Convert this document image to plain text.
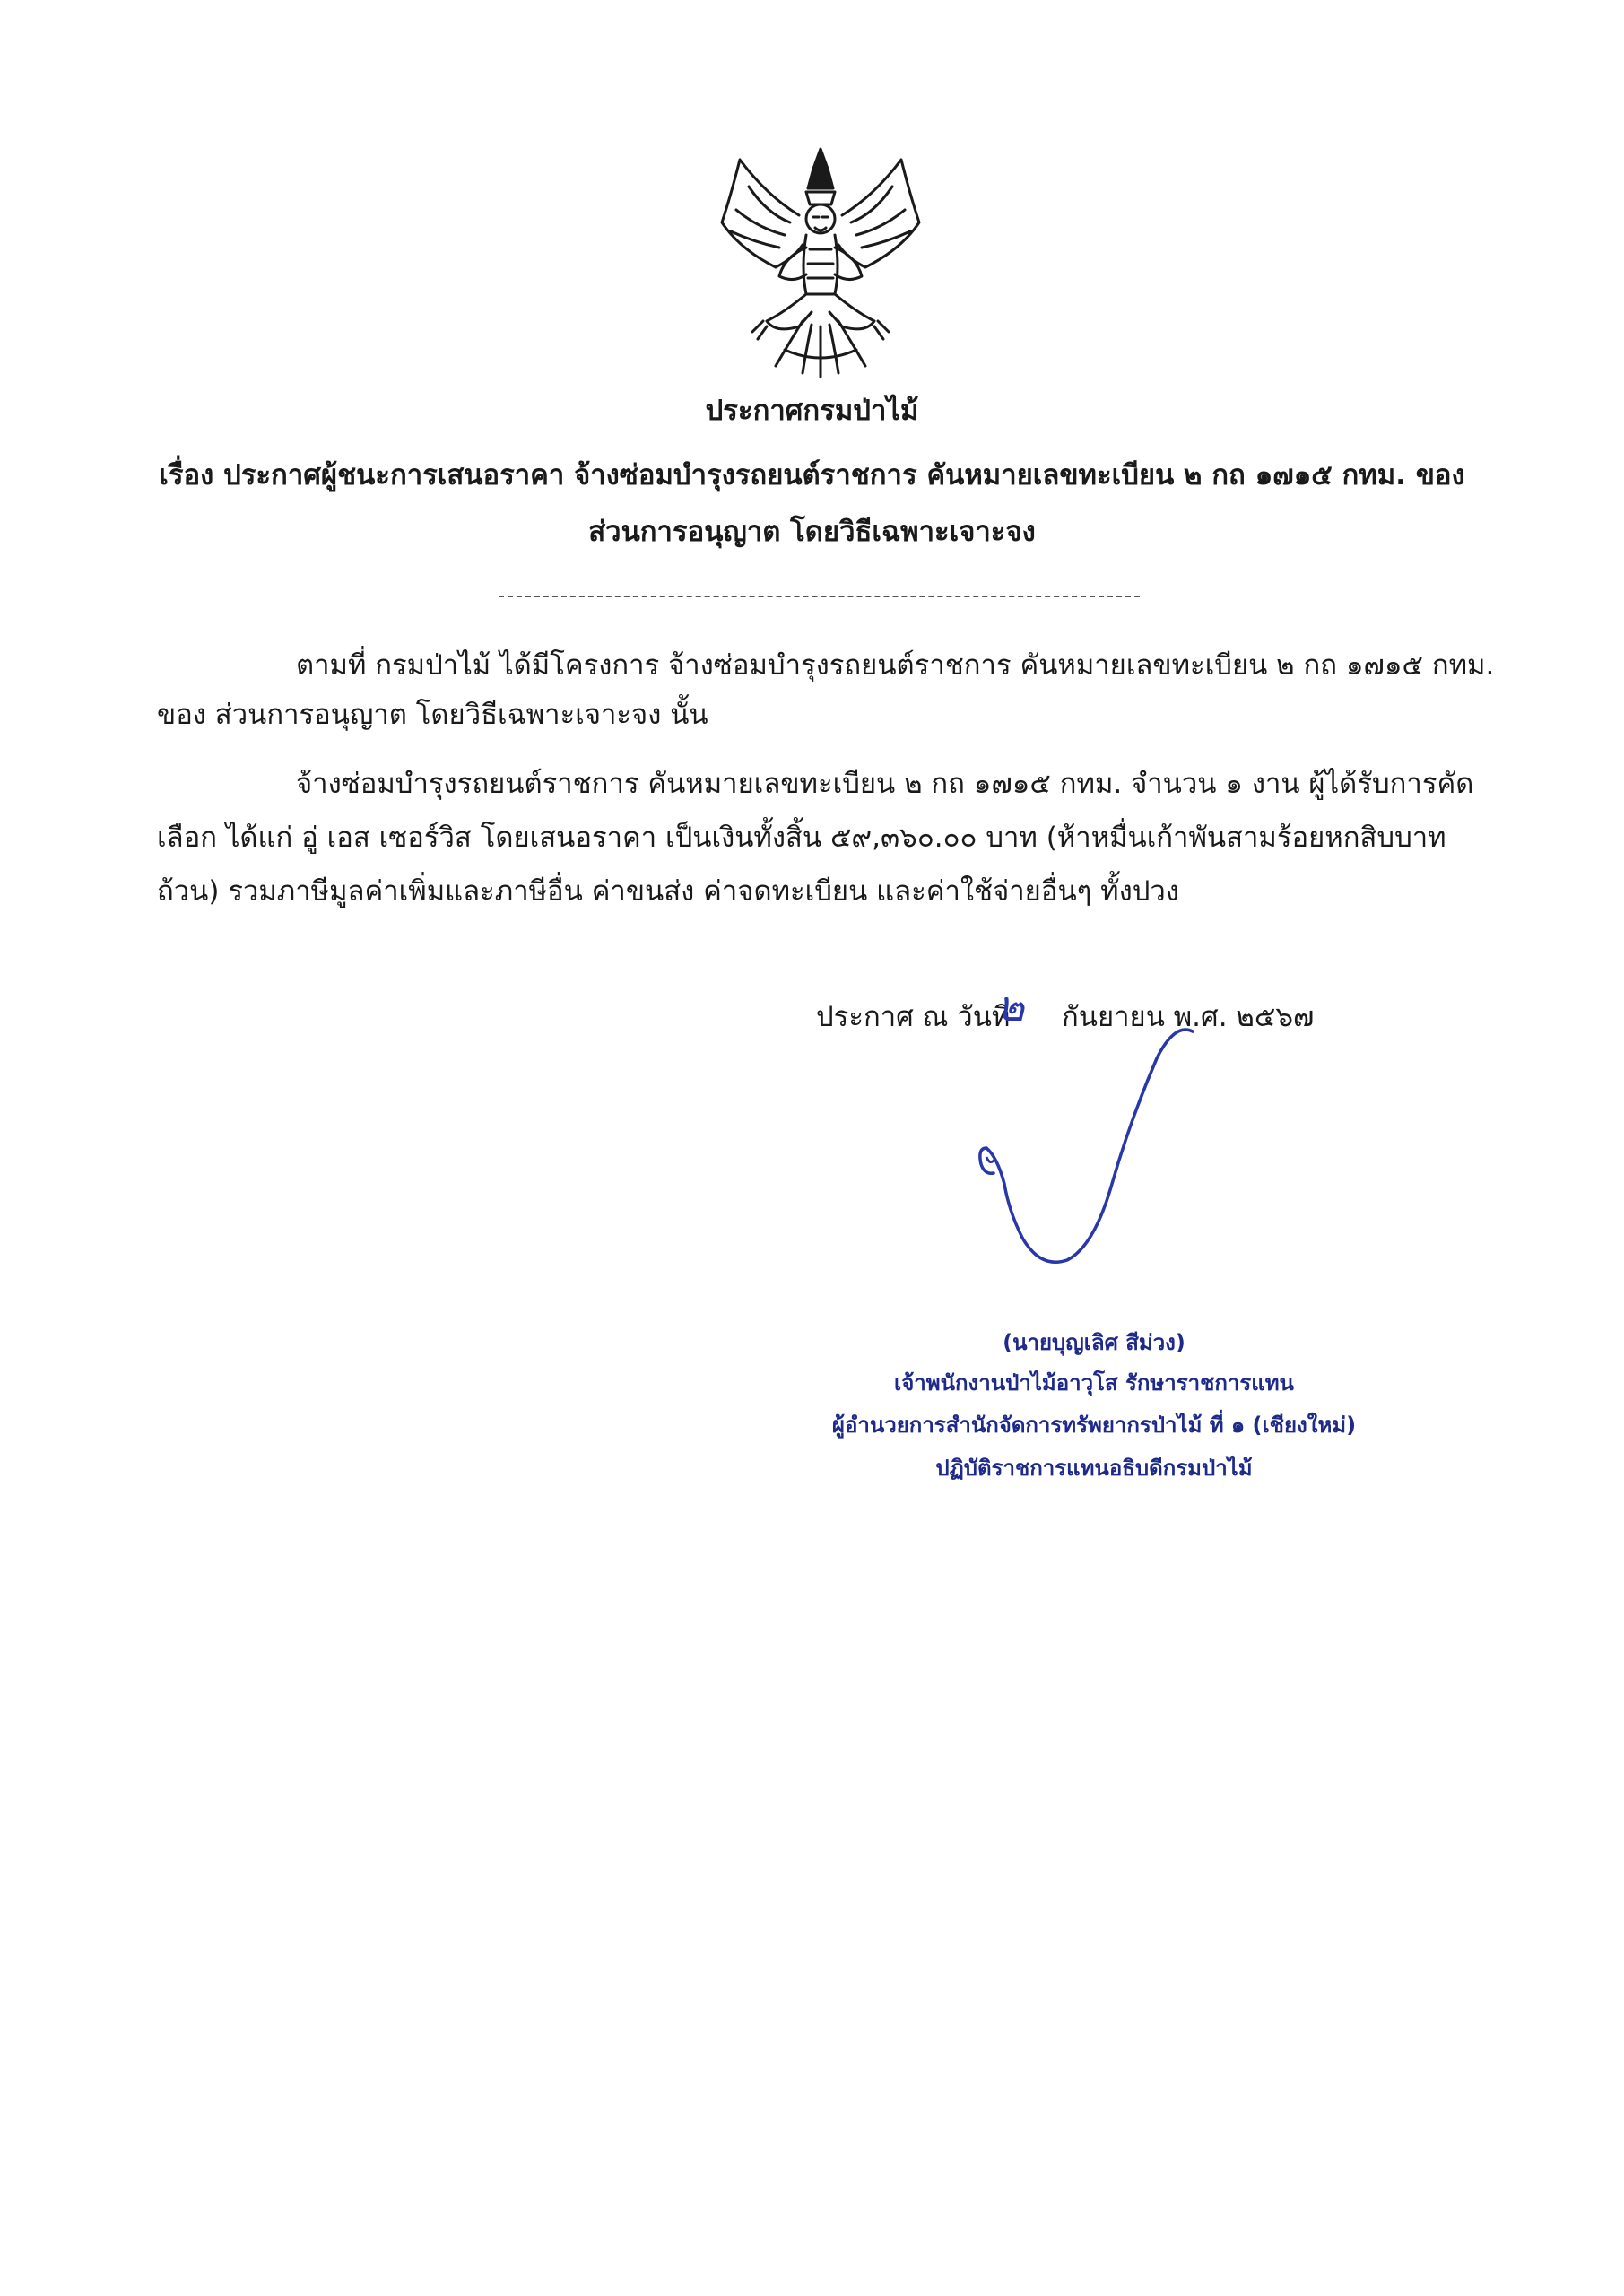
ประกาศกรมป่าไม้
เรื่อง ประกาศผู้ชนะการเสนอราคา จ้างซ่อมบำรุงรถยนต์ราชการ คันหมายเลขทะเบียน ๒ กถ ๑๗๑๕ กทม. ของ
ส่วนการอนุญาต โดยวิธีเฉพาะเจาะจง
ตามที่ กรมป่าไม้ ได้มีโครงการ จ้างซ่อมบำรุงรถยนต์ราชการ คันหมายเลขทะเบียน ๒ กถ ๑๗๑๕ กทม.
ของ ส่วนการอนุญาต โดยวิธีเฉพาะเจาะจง นั้น
จ้างซ่อมบำรุงรถยนต์ราชการ คันหมายเลขทะเบียน ๒ กถ ๑๗๑๕ กทม. จำนวน ๑ งาน ผู้ได้รับการคัด
เลือก ได้แก่ อู่ เอส เซอร์วิส โดยเสนอราคา เป็นเงินทั้งสิ้น ๕๙,๓๖๐.๐๐ บาท (ห้าหมื่นเก้าพันสามร้อยหกสิบบาท
ถ้วน) รวมภาษีมูลค่าเพิ่มและภาษีอื่น ค่าขนส่ง ค่าจดทะเบียน และค่าใช้จ่ายอื่นๆ ทั้งปวง
ประกาศ ณ วันที่
๒ กันยายน พ.ศ. ๒๕๖๗
(นายบุญเลิศ สีม่วง)
เจ้าพนักงานป่าไม้อาวุโส รักษาราชการแทน
ผู้อำนวยการสำนักจัดการทรัพยากรป่าไม้ ที่ ๑ (เชียงใหม่)
ปฏิบัติราชการแทนอธิบดีกรมป่าไม้
